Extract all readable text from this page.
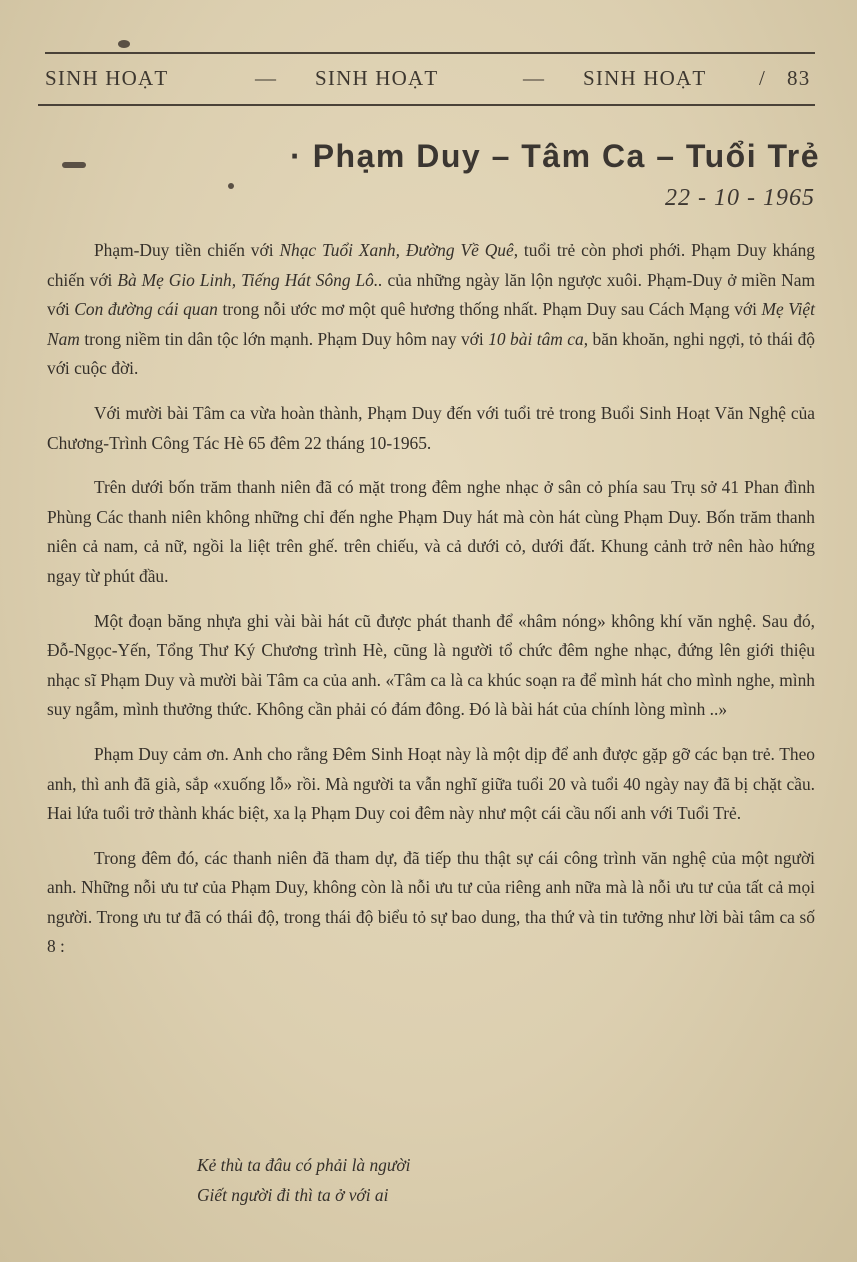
SINH HOẠT	— SINH HOẠT	— SINH HOẠT	/ 83
· Phạm Duy – Tâm Ca – Tuổi Trẻ
22 - 10 - 1965

Phạm-Duy tiền chiến với Nhạc Tuổi Xanh, Đường Về Quê, tuổi trẻ còn phơi phới. Phạm Duy kháng chiến với Bà Mẹ Gio Linh, Tiếng Hát Sông Lô.. của những ngày lăn lộn ngược xuôi. Phạm-Duy ở miền Nam với Con đường cái quan trong nỗi ước mơ một quê hương thống nhất. Phạm Duy sau Cách Mạng với Mẹ Việt Nam trong niềm tin dân tộc lớn mạnh. Phạm Duy hôm nay với 10 bài tâm ca, băn khoăn, nghi ngợi, tỏ thái độ với cuộc đời.

Với mười bài Tâm ca vừa hoàn thành, Phạm Duy đến với tuổi trẻ trong Buổi Sinh Hoạt Văn Nghệ của Chương-Trình Công Tác Hè 65 đêm 22 tháng 10-1965.

Trên dưới bốn trăm thanh niên đã có mặt trong đêm nghe nhạc ở sân cỏ phía sau Trụ sở 41 Phan đình Phùng Các thanh niên không những chỉ đến nghe Phạm Duy hát mà còn hát cùng Phạm Duy. Bốn trăm thanh niên cả nam, cả nữ, ngồi la liệt trên ghế. trên chiếu, và cả dưới cỏ, dưới đất. Khung cảnh trở nên hào hứng ngay từ phút đầu.

Một đoạn băng nhựa ghi vài bài hát cũ được phát thanh để «hâm nóng» không khí văn nghệ. Sau đó, Đỗ-Ngọc-Yến, Tổng Thư Ký Chương trình Hè, cũng là người tổ chức đêm nghe nhạc, đứng lên giới thiệu nhạc sĩ Phạm Duy và mười bài Tâm ca của anh. «Tâm ca là ca khúc soạn ra để mình hát cho mình nghe, mình suy ngẫm, mình thưởng thức. Không cần phải có đám đông. Đó là bài hát của chính lòng mình ..»

Phạm Duy cảm ơn. Anh cho rằng Đêm Sinh Hoạt này là một dịp để anh được gặp gỡ các bạn trẻ. Theo anh, thì anh đã già, sắp «xuống lỗ» rồi. Mà người ta vẫn nghĩ giữa tuổi 20 và tuổi 40 ngày nay đã bị chặt cầu. Hai lứa tuổi trở thành khác biệt, xa lạ Phạm Duy coi đêm này như một cái cầu nối anh với Tuổi Trẻ.

Trong đêm đó, các thanh niên đã tham dự, đã tiếp thu thật sự cái công trình văn nghệ của một người anh. Những nỗi ưu tư của Phạm Duy, không còn là nỗi ưu tư của riêng anh nữa mà là nỗi ưu tư của tất cả mọi người. Trong ưu tư đã có thái độ, trong thái độ biểu tỏ sự bao dung, tha thứ và tin tưởng như lời bài tâm ca số 8 :

Kẻ thù ta đâu có phải là người
Giết người đi thì ta ở với ai
